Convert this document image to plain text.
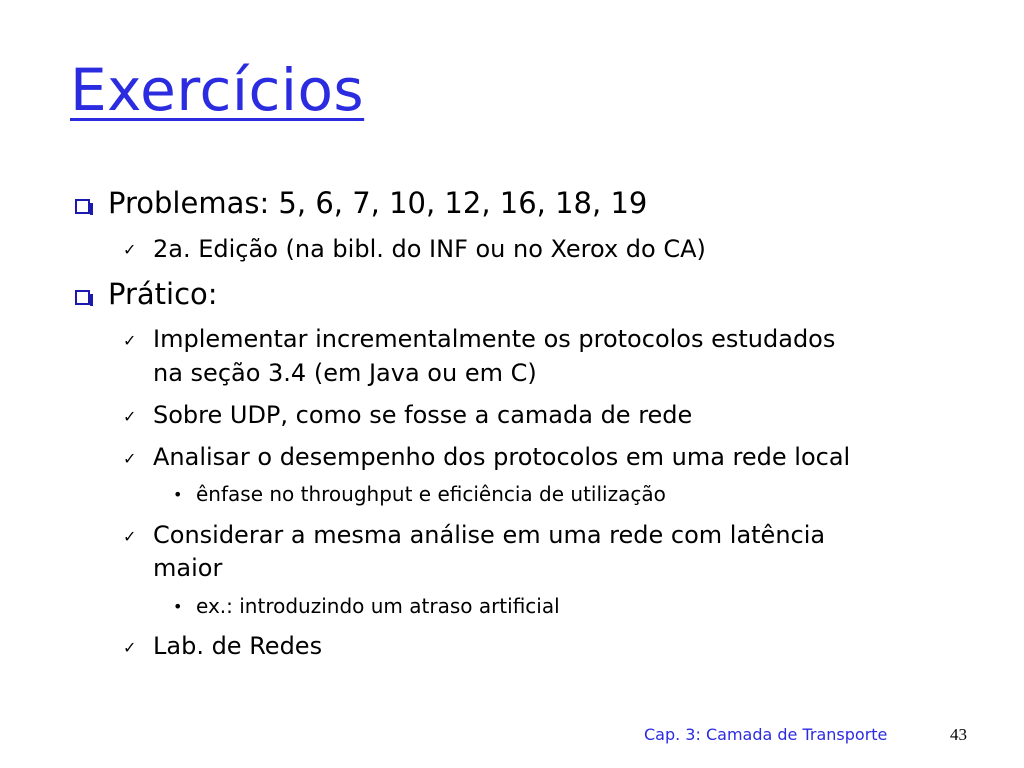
Exercícios
Problemas: 5, 6, 7, 10, 12, 16, 18, 19
✓ 2a. Edição (na bibl. do INF ou no Xerox do CA)
Prático:
✓ Implementar incrementalmente os protocolos estudados
na seção 3.4 (em Java ou em C)
✓ Sobre UDP, como se fosse a camada de rede
✓ Analisar o desempenho dos protocolos em uma rede local
• ênfase no throughput e eficiência de utilização
✓ Considerar a mesma análise em uma rede com latência
maior
• ex.: introduzindo um atraso artificial
✓ Lab. de Redes
Cap. 3: Camada de Transporte	43
